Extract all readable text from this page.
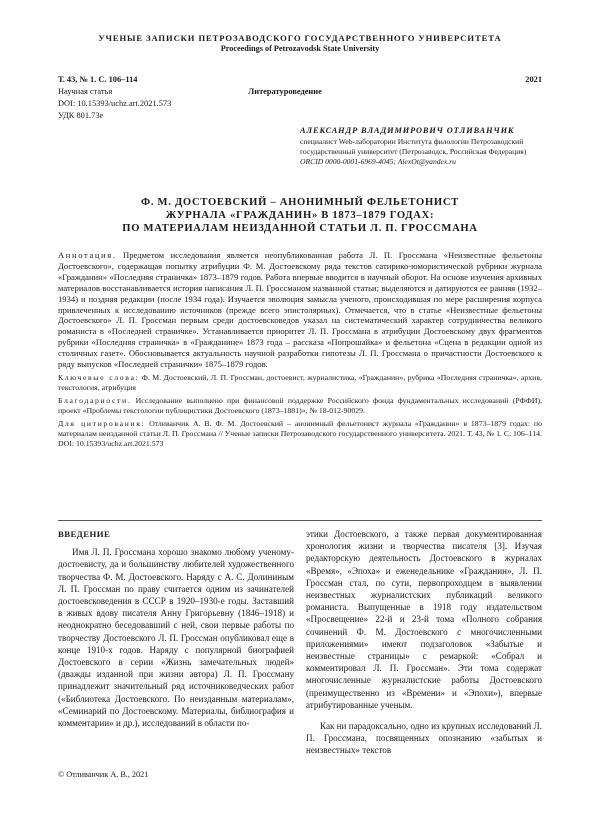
УЧЕНЫЕ ЗАПИСКИ ПЕТРОЗАВОДСКОГО ГОСУДАРСТВЕННОГО УНИВЕРСИТЕТА
Proceedings of Petrozavodsk State University
Т. 43, № 1. С. 106–114	2021
Научная статья	Литературоведение
DOI: 10.15393/uchz.art.2021.573
УДК 801.73е
АЛЕКСАНДР ВЛАДИМИРОВИЧ ОТЛИВАНЧИК
специалист Web-лаборатории Института филологии Петрозаводский государственный университет (Петрозаводск, Российская Федерация)
ORCID 0000-0001-6969-4045; AlexOt@yandex.ru
Ф. М. ДОСТОЕВСКИЙ – АНОНИМНЫЙ ФЕЛЬЕТОНИСТ
ЖУРНАЛА «ГРАЖДАНИН» В 1873–1879 ГОДАХ:
ПО МАТЕРИАЛАМ НЕИЗДАННОЙ СТАТЬИ Л. П. ГРОССМАНА

Аннотация. Предметом исследования является неопубликованная работа Л. П. Гроссмана «Неизвестные фельетоны Достоевского», содержащая попытку атрибуции Ф. М. Достоевскому ряда текстов сатирико-юмористической рубрики журнала «Гражданин» «Последняя страничка» 1873–1879 годов. Работа впервые вводится в научный оборот. На основе изучения архивных материалов восстанавливается история написания Л. П. Гроссманом названной статьи; выделяются и датируются ее ранняя (1932–1934) и поздняя редакции (после 1934 года). Изучается эволюция замысла ученого, происходившая по мере расширения корпуса привлеченных к исследованию источников (прежде всего эпистолярных). Отмечается, что в статье «Неизвестные фельетоны Достоевского» Л. П. Гроссман первым среди достоевсковедов указал на систематический характер сотрудничества великого романиста в «Последней страничке». Устанавливается приоритет Л. П. Гроссмана в атрибуции Достоевскому двух фрагментов рубрики «Последняя страничка» в «Гражданине» 1873 года – рассказа «Попрошайка» и фельетона «Сцена в редакции одной из столичных газет». Обосновывается актуальность научной разработки гипотезы Л. П. Гроссмана о причастности Достоевского к ряду выпусков «Последней странички» 1875–1879 годов.

Ключевые слова: Ф. М. Достоевский, Л. П. Гроссман, достоевист, журналистика, «Гражданин», рубрика «Последняя страничка», архив, текстология, атрибуция

Благодарности. Исследование выполнено при финансовой поддержке Российского фонда фундаментальных исследований (РФФИ), проект «Проблемы текстологии публицистики Достоевского (1873–1881)», № 18-012-90029.

Для цитирования: Отливанчик А. В. Ф. М. Достоевский – анонимный фельетонист журнала «Гражданин» в 1873–1879 годах: по материалам неизданной статьи Л. П. Гроссмана // Ученые записки Петрозаводского государственного университета. 2021. Т. 43, № 1. С. 106–114. DOI: 10.15393/uchz.art.2021.573

ВВЕДЕНИЕ

Имя Л. П. Гроссмана хорошо знакомо любому ученому-достоевисту, да и большинству любителей художественного творчества Ф. М. Достоевского. Наряду с А. С. Долининым Л. П. Гроссман по праву считается одним из зачинателей достоевсковедения в СССР в 1920–1930-е годы. Заставший в живых вдову писателя Анну Григорьевну (1846–1918) и неоднократно беседовавший с ней, свои первые работы по творчеству Достоевского Л. П. Гроссман опубликовал еще в конце 1910-х годов. Наряду с популярной биографией Достоевского в серии «Жизнь замечательных людей» (дважды изданной при жизни автора) Л. П. Гроссману принадлежит значительный ряд источниковедческих работ («Библиотека Достоевского. По неизданным материалам», «Семинарий по Достоевскому. Материалы, библиография и комментарии» и др.), исследований в области по-

этики Достоевского, а также первая документированная хронология жизни и творчества писателя [3]. Изучая редакторскую деятельность Достоевского в журналах «Время», «Эпоха» и еженедельнике «Гражданин», Л. П. Гроссман стал, по сути, первопроходцем в выявлении неизвестных журналистских публикаций великого романиста. Выпущенные в 1918 году издательством «Просвещение» 22-й и 23-й тома «Полного собрания сочинений Ф. М. Достоевского с многочисленными приложениями» имеют подзаголовок «Забытые и неизвестные страницы» с ремаркой: «Собрал и комментировал Л. П. Гроссман». Эти тома содержат многочисленные журналистские работы Достоевского (преимущественно из «Времени» и «Эпохи»), впервые атрибутированные ученым.

Как ни парадоксально, одно из крупных исследований Л. П. Гроссмана, посвященных опознанию «забытых и неизвестных» текстов

© Отливанчик А. В., 2021
